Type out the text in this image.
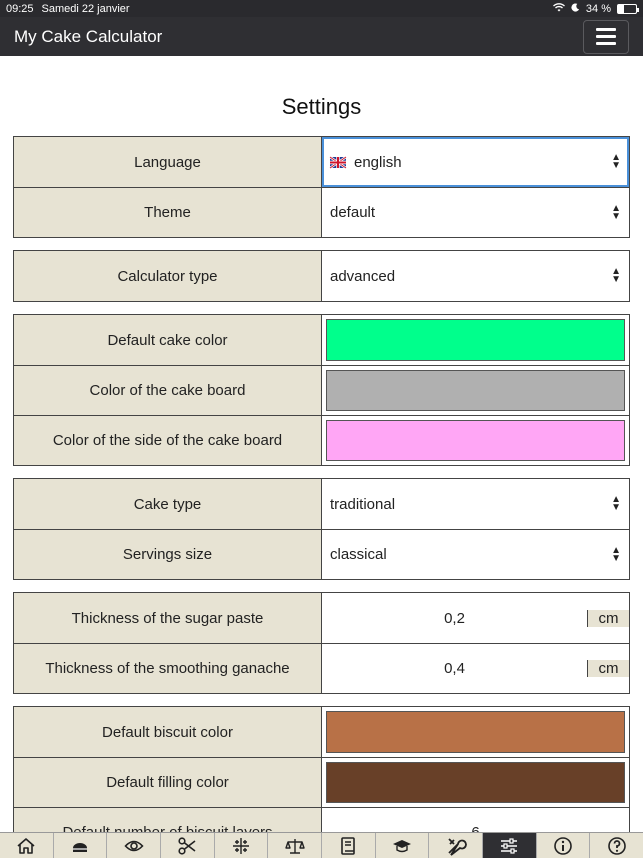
09:25 Samedi 22 janvier	34 %
My Cake Calculator
Settings
Language	english	▲
▼
Theme	default	▲
▼
Calculator type	advanced	▲
▼
Default cake color
Color of the cake board
Color of the side of the cake board
Cake type	traditional	▲
▼
Servings size	classical	▲
▼
Thickness of the sugar paste	0,2	cm
Thickness of the smoothing ganache	0,4	cm
Default biscuit color
Default filling color
